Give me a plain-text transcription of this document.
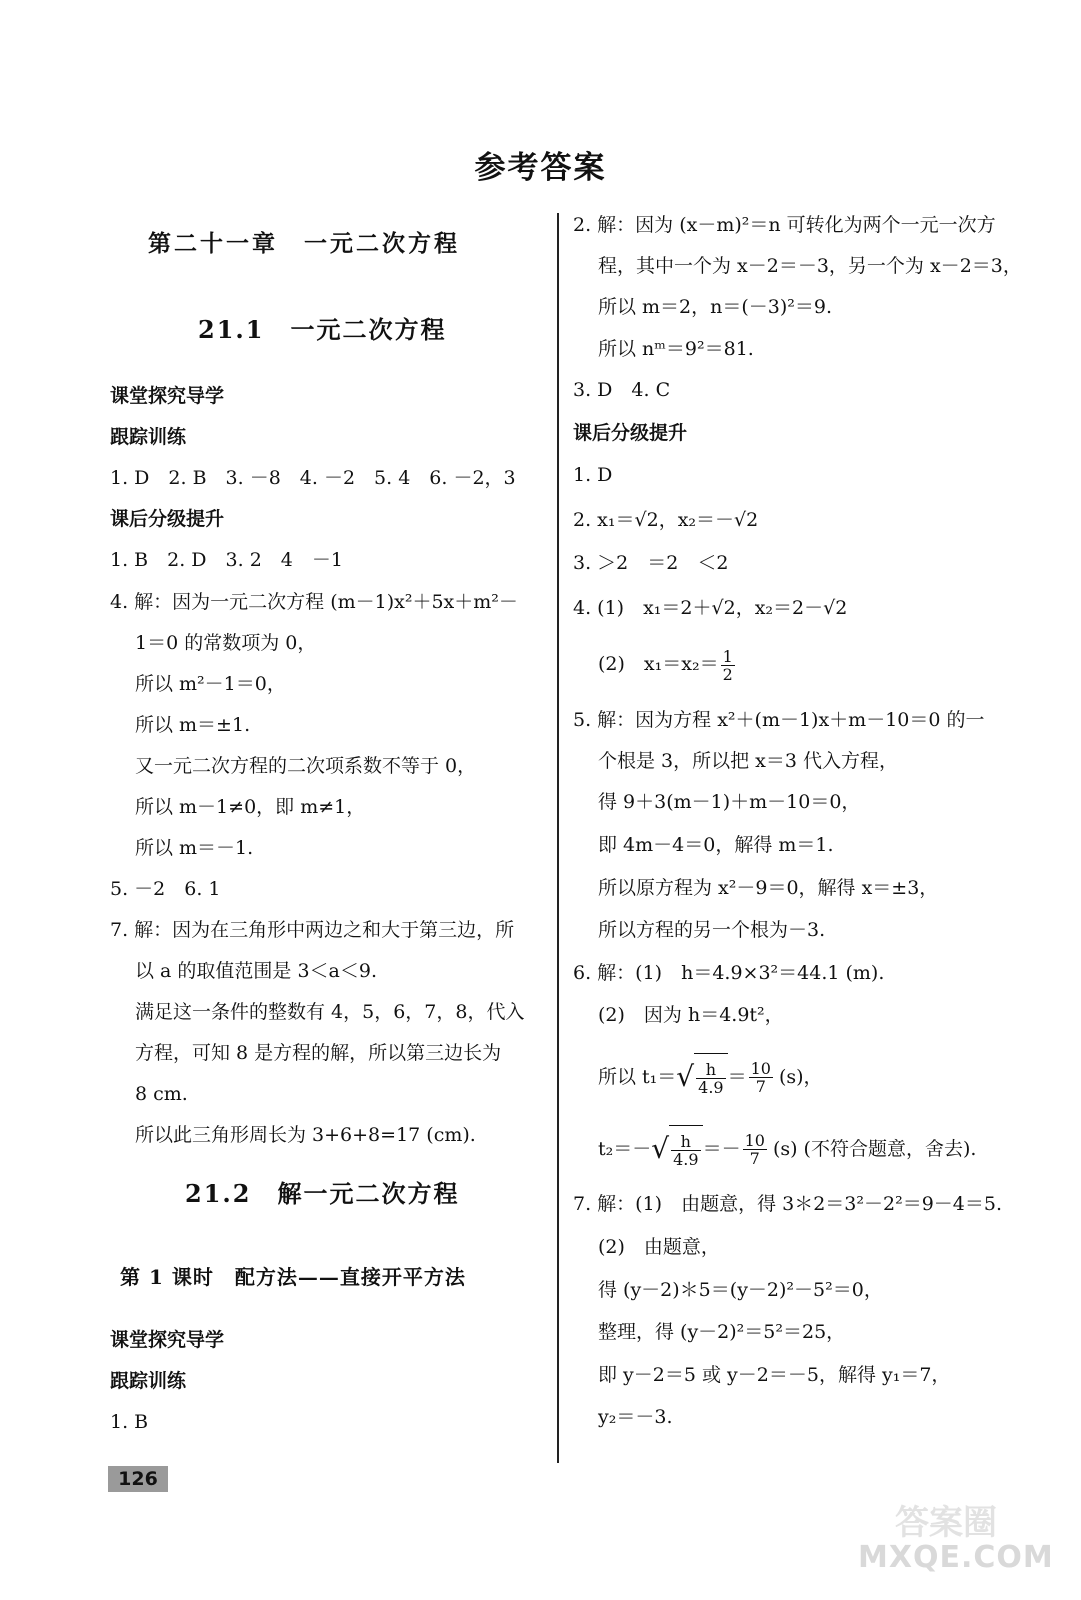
参考答案
第二十一章　一元二次方程
21.1　一元二次方程
课堂探究导学
跟踪训练
1. D　2. B　3. －8　4. －2　5. 4　6. －2，3
课后分级提升
1. B　2. D　3. 2　4　－1
4. 解：因为一元二次方程 (m－1)x²＋5x＋m²－
1＝0 的常数项为 0，
所以 m²－1＝0，
所以 m＝±1.
又一元二次方程的二次项系数不等于 0，
所以 m－1≠0，即 m≠1，
所以 m＝－1.
5. －2　6. 1
7. 解：因为在三角形中两边之和大于第三边，所
以 a 的取值范围是 3＜a＜9.
满足这一条件的整数有 4，5，6，7，8，代入
方程，可知 8 是方程的解，所以第三边长为
8 cm.
所以此三角形周长为 3+6+8=17 (cm).
21.2　解一元二次方程
第 1 课时　配方法——直接开平方法
课堂探究导学
跟踪训练
1. B
2. 解：因为 (x－m)²＝n 可转化为两个一元一次方
程，其中一个为 x－2＝－3，另一个为 x－2＝3，
所以 m＝2，n＝(－3)²＝9.
所以 nᵐ＝9²＝81.
3. D　4. C
课后分级提升
1. D
2. x₁＝√2，x₂＝－√2
3. ＞2　＝2　＜2
4. (1)　x₁＝2＋√2，x₂＝2－√2
(2)　$x_1=x_2= \frac{1}{2}$
5. 解：因为方程 x²＋(m－1)x＋m－10＝0 的一
个根是 3，所以把 x＝3 代入方程，
得 9＋3(m－1)＋m－10＝0，
即 4m－4＝0，解得 m＝1.
所以原方程为 x²－9＝0，解得 x＝±3，
所以方程的另一个根为－3.
6. 解：(1)　h＝4.9×3²＝44.1 (m).
(2)　因为 h＝4.9t²，
所以 $t_1=√ \frac{h}{4.9} = \frac{10}{7} (s)$，
$t_2=-√ \frac{h}{4.9} =- \frac{10}{7} (s)$ (不符合题意，舍去).
7. 解：(1)　由题意，得 3＊2＝3²－2²＝9－4＝5.
(2)　由题意，
得 (y－2)＊5＝(y－2)²－5²＝0，
整理，得 (y－2)²＝5²＝25，
即 y－2＝5 或 y－2＝－5，解得 y₁＝7，
y₂＝－3.
126
答案圈
MXQE.COM
